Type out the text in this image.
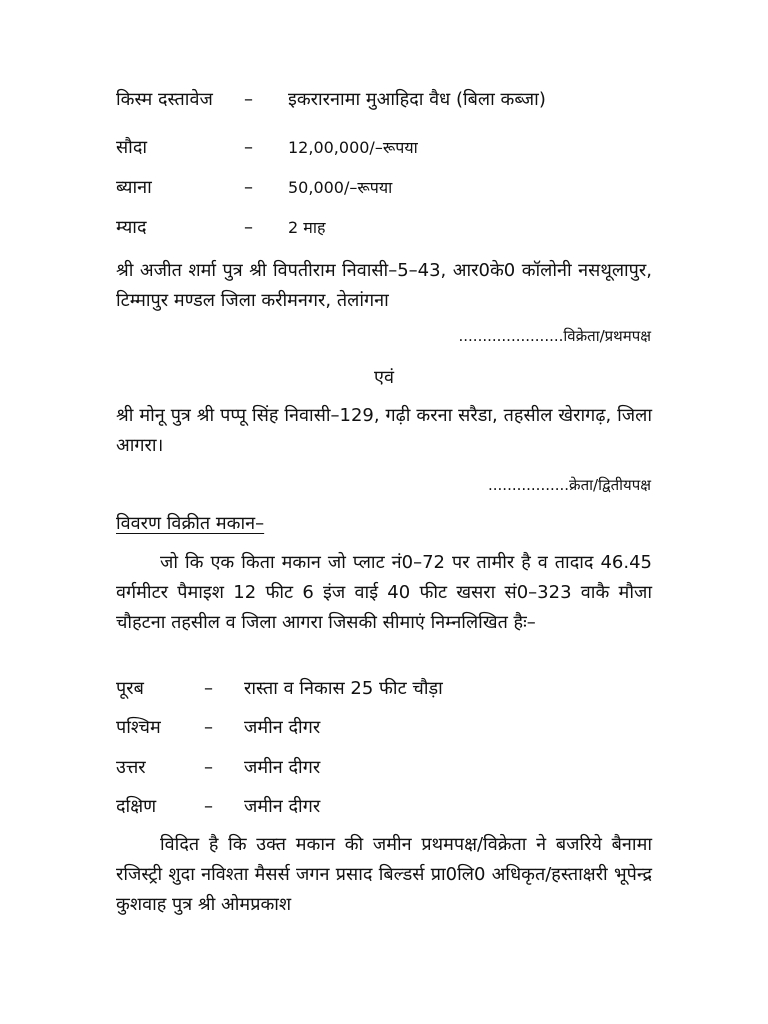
किस्म दस्तावेज – इकरारनामा मुआहिदा वैध (बिला कब्जा)
सौदा	– 12,00,000/–रूपया
ब्याना	– 50,000/–रूपया
म्याद	– 2 माह
श्री अजीत शर्मा पुत्र श्री विपतीराम निवासी–5–43, आर0के0 कॉलोनी नसथूलापुर, टिम्मापुर मण्डल जिला करीमनगर, तेलांगना
......................विक्रेता/प्रथमपक्ष
एवं
श्री मोनू पुत्र श्री पप्पू सिंह निवासी–129, गढ़ी करना सरैडा, तहसील खेरागढ़, जिला आगरा।
.................क्रेता/द्वितीयपक्ष
विवरण विक्रीत मकान–
जो कि एक किता मकान जो प्लाट नं0–72 पर तामीर है व तादाद 46.45 वर्गमीटर पैमाइश 12 फीट 6 इंज वाई 40 फीट खसरा सं0–323 वाकै मौजा चौहटना तहसील व जिला आगरा जिसकी सीमाएं निम्नलिखित हैः–
पूरब	– रास्ता व निकास 25 फीट चौड़ा
पश्चिम – जमीन दीगर
उत्तर	– जमीन दीगर
दक्षिण	– जमीन दीगर
विदित है कि उक्त मकान की जमीन प्रथमपक्ष/विक्रेता ने बजरिये बैनामा रजिस्ट्री शुदा नविश्ता मैसर्स जगन प्रसाद बिल्डर्स प्रा0लि0 अधिकृत/हस्ताक्षरी भूपेन्द्र कुशवाह पुत्र श्री ओमप्रकाश
